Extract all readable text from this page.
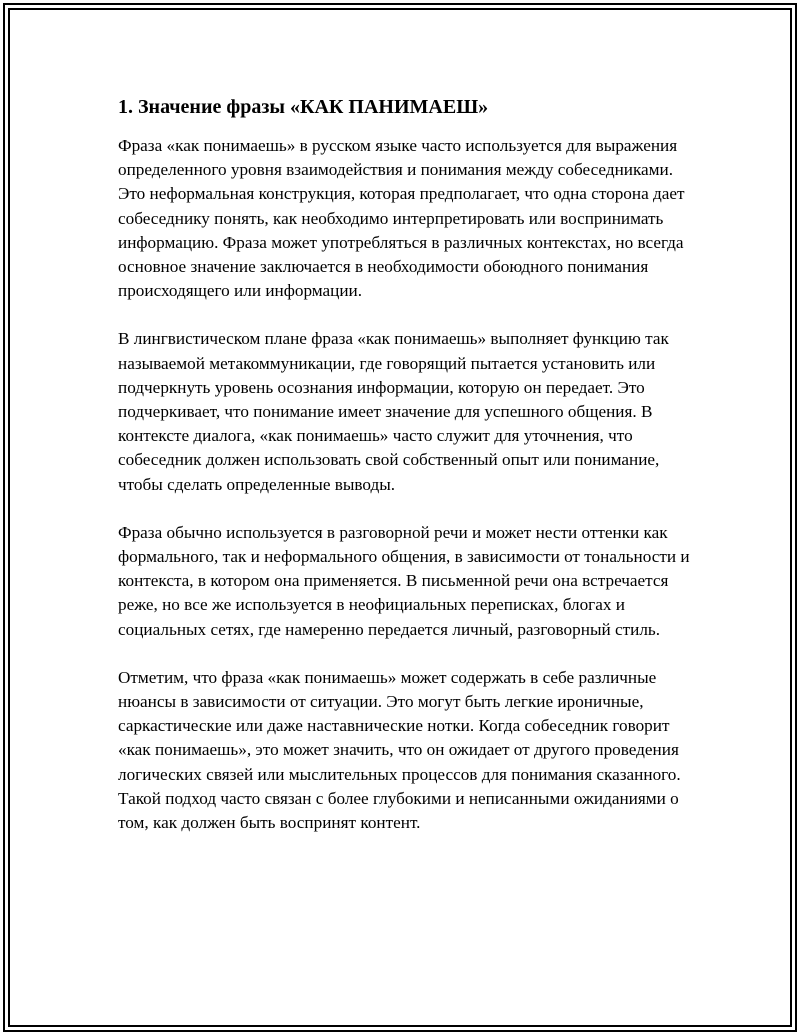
1. Значение фразы «КАК ПАНИМАЕШ»

Фраза «как понимаешь» в русском языке часто используется для выражения определенного уровня взаимодействия и понимания между собеседниками. Это неформальная конструкция, которая предполагает, что одна сторона дает собеседнику понять, как необходимо интерпретировать или воспринимать информацию. Фраза может употребляться в различных контекстах, но всегда основное значение заключается в необходимости обоюдного понимания происходящего или информации.

В лингвистическом плане фраза «как понимаешь» выполняет функцию так называемой метакоммуникации, где говорящий пытается установить или подчеркнуть уровень осознания информации, которую он передает. Это подчеркивает, что понимание имеет значение для успешного общения. В контексте диалога, «как понимаешь» часто служит для уточнения, что собеседник должен использовать свой собственный опыт или понимание, чтобы сделать определенные выводы.

Фраза обычно используется в разговорной речи и может нести оттенки как формального, так и неформального общения, в зависимости от тональности и контекста, в котором она применяется. В письменной речи она встречается реже, но все же используется в неофициальных переписках, блогах и социальных сетях, где намеренно передается личный, разговорный стиль.

Отметим, что фраза «как понимаешь» может содержать в себе различные нюансы в зависимости от ситуации. Это могут быть легкие ироничные, саркастические или даже наставнические нотки. Когда собеседник говорит «как понимаешь», это может значить, что он ожидает от другого проведения логических связей или мыслительных процессов для понимания сказанного. Такой подход часто связан с более глубокими и неписанными ожиданиями о том, как должен быть воспринят контент.
